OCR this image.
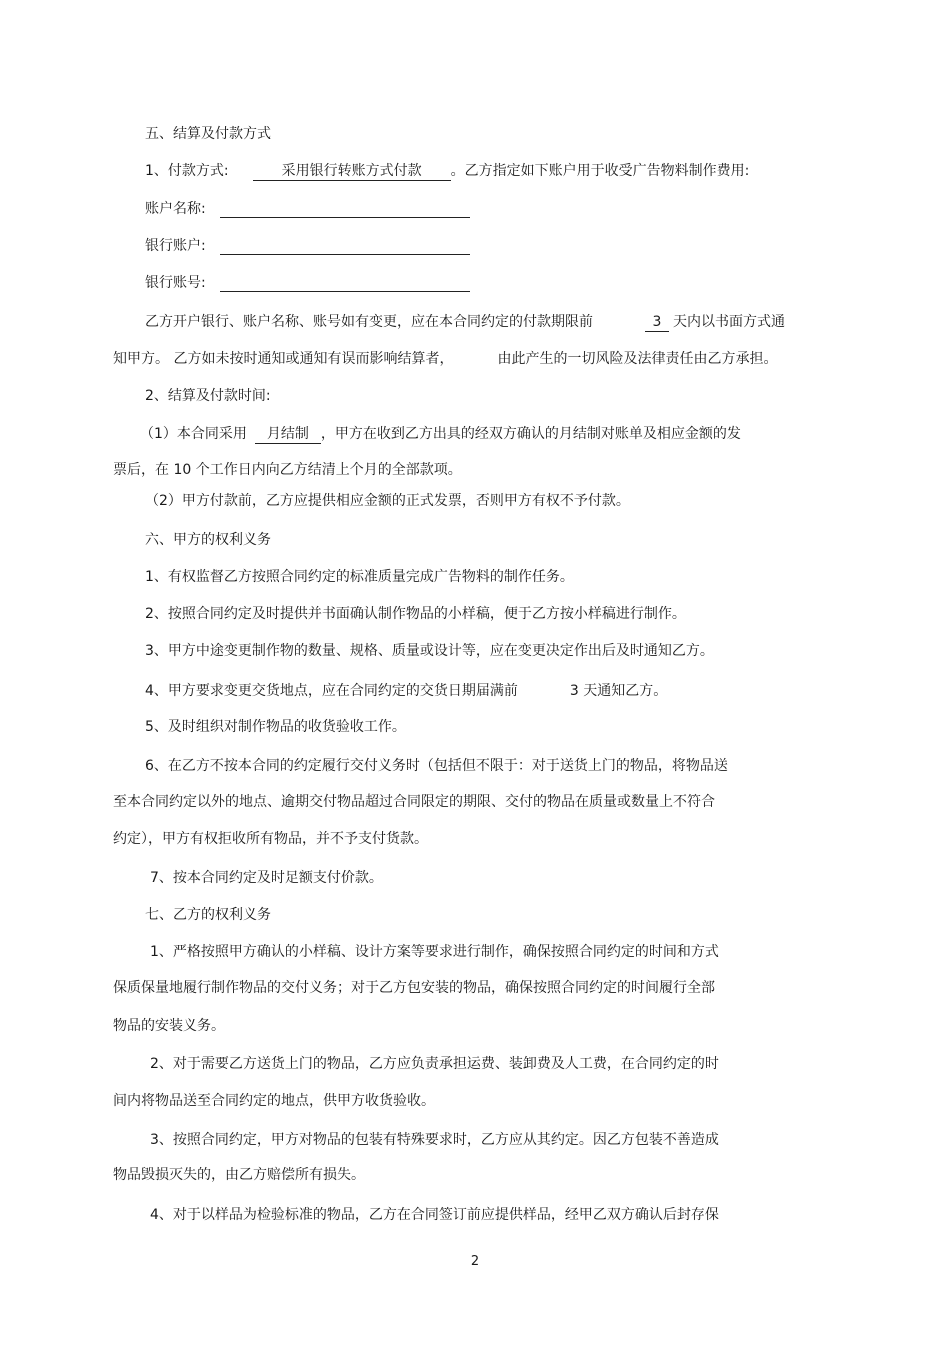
五、结算及付款方式
1、付款方式:	采用银行转账方式付款 。乙方指定如下账户用于收受广告物料制作费用:
账户名称:
银行账户:
银行账号:
乙方开户银行、账户名称、账号如有变更，应在本合同约定的付款期限前	3 天内以书面方式通
知甲方。 乙方如未按时通知或通知有误而影响结算者，	由此产生的一切风险及法律责任由乙方承担。
2、结算及付款时间:
（1）本合同采用 月结制 ，甲方在收到乙方出具的经双方确认的月结制对账单及相应金额的发
票后，在 10 个工作日内向乙方结清上个月的全部款项。
（2）甲方付款前，乙方应提供相应金额的正式发票，否则甲方有权不予付款。
六、甲方的权利义务
1、有权监督乙方按照合同约定的标准质量完成广告物料的制作任务。
2、按照合同约定及时提供并书面确认制作物品的小样稿，便于乙方按小样稿进行制作。
3、甲方中途变更制作物的数量、规格、质量或设计等，应在变更决定作出后及时通知乙方。
4、甲方要求变更交货地点，应在合同约定的交货日期届满前	3 天通知乙方。
5、及时组织对制作物品的收货验收工作。
6、在乙方不按本合同的约定履行交付义务时（包括但不限于：对于送货上门的物品，将物品送
至本合同约定以外的地点、逾期交付物品超过合同限定的期限、交付的物品在质量或数量上不符合
约定），甲方有权拒收所有物品，并不予支付货款。
7、按本合同约定及时足额支付价款。
七、乙方的权利义务
1、严格按照甲方确认的小样稿、设计方案等要求进行制作，确保按照合同约定的时间和方式
保质保量地履行制作物品的交付义务；对于乙方包安装的物品，确保按照合同约定的时间履行全部
物品的安装义务。
2、对于需要乙方送货上门的物品，乙方应负责承担运费、装卸费及人工费，在合同约定的时
间内将物品送至合同约定的地点，供甲方收货验收。
3、按照合同约定，甲方对物品的包装有特殊要求时，乙方应从其约定。因乙方包装不善造成
物品毁损灭失的，由乙方赔偿所有损失。
4、对于以样品为检验标准的物品，乙方在合同签订前应提供样品，经甲乙双方确认后封存保
2
